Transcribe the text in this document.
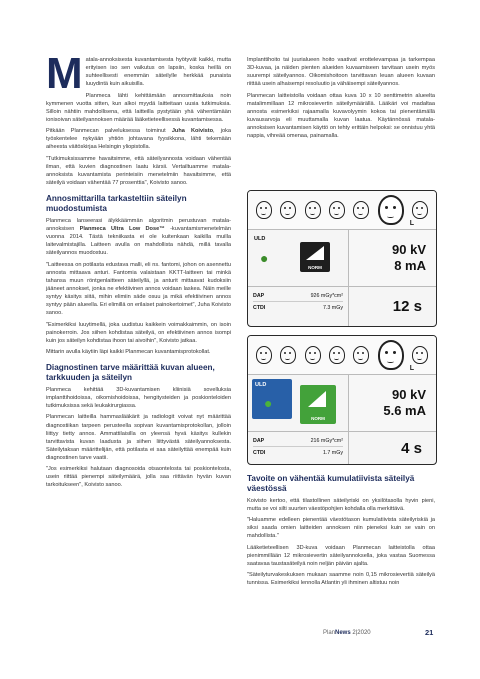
Matala-annoksisesta kuvantamisesta hyötyvät kaikki, mutta erityisen iso sen vaikutus on lapsiin, koska heillä on suhteellisesti enemmän säteilylle herkkää punaista luuydintä kuin aikuisilla.

Planmeca lähti kehittämään annosmittauksia noin kymmenen vuotta sitten, kun alkoi myydä laitteitaan uusia tutkimuksia. Silloin nähtiin mahdollisena, että laitteilla pystytään yhä vähentämään ionisoivan säteilyannoksen määrää lääketieteellisessä kuvantamisessa.

Pitkään Planmecan palveluksessa toiminut Juha Koivisto, joka työskentelee nykyään yhtiön johtavana fyysikkona, lähti tekemään aiheesta väitöskirjaa Helsingin yliopistolla.

"Tutkimuksissamme havaitsimme, että säteilyannosta voidaan vähentää ilman, että kuvien diagnostinen laatu kärsii. Vertailtuamme matala-annoksista kuvantamista perinteisiin menetelmiin havaitsimme, että säteilyä voidaan vähentää 77 prosenttia", Koivisto sanoo.

Annosmittarilla tarkasteltiin säteilyn muodostumista

Planmeca lanseerasi älykkäämmän algoritmin perustuvan matala-annoksisen Planmeca Ultra Low Dose™ -kuvantamismenetelmän vuonna 2014. Tästä tekniikasta ei ole kuitenkaan kaikilla muilla laitevalmistajilla. Laitteen avulla on mahdollista nähdä, millä tavalla säteilyannos muodostuu.

"Laitteessa on potilasta edustava malli, eli ns. fantomi, johon on asennettu annosta mittaava anturi. Fantomia valaistaan KKTT-laitteen tai minkä tahansa muun röntgenlaitteen säteilyllä, ja anturit mittaavat kudoksiin jääneet annokset, jonka ne efektiivinen annos voidaan laskea. Näin meille syntyy käsitys siitä, mihin elimiin säde osuu ja mikä efektiivinen annos syntyy pään alueella. Eri elimillä on erilaiset painokertoimet", Juha Koivisto sanoo.

"Esimerkiksi luuytimellä, joka uudistuu kaikkein voimakkaimmin, on isoin painokerroin. Jos siihen kohdistaa säteilyä, on efektiivinen annos isompi kuin jos säteilyn kohdistaa ihoon tai aivoihin", Koivisto jatkaa.

Mittarin avulla käytiin läpi kaikki Planmecan kuvantamisprotokollat.

Diagnostinen tarve määrittää kuvan alueen, tarkkuuden ja säteilyn

Planmeca kehittää 3D-kuvantamisen kliinisiä sovelluksia implanttihoidoissa, oikomishoidoissa, hengitysteiden ja poskionteloiden tutkimuksissa sekä leukakirurgiassa.

Planmecan laitteilla hammaslääkärit ja radiologit voivat nyt määrittää diagnostiikan tarpeen perusteella sopivan kuvantamisprotokollan, jolloin liittyy tietty annos. Ammattilaisilla on yleensä hyvä käsitys kullekin tarvittavista kuvan laadusta ja siihen liittyvästä säteilyannoksesta. Säteilytaksan määrittelijän, että potilasta ei saa säteilyttää enempää kuin diagnostinen tarve vaatii.

"Jos esimerkiksi halutaan diagnosoida otsaontelosta tai poskiontelosta, usein riittää pienempi säteilymäärä, jolla saa riittävän hyvän kuvan tarkoitukseen", Koivisto sanoo.

Implanttihoito tai juurialueen hoito vaativat erottelevampaa ja tarkempaa 3D-kuvaa, ja näiden pienten alueiden kuvaamiseen tarvitaan usein myös suurempi säteilyannos. Oikomishoitoon tarvittavan leuan alueen kuvaan riittää usein alhaisempi resoluutio ja vähäisempi säteilyannos.

Planmecan laitteistolla voidaan ottaa kuva 10 x 10 senttimetrin alueelta matalimmillaan 12 mikrosievertin säteilymäärällä. Lääkäri voi madaltaa annosta esimerkiksi rajaamalla kuvavolyymin kokoa tai pienentämällä kuvausarvoja eli muuttamalla kuvan laatua. Käytännössä matala-annoksisen kuvantamisen käyttö on tehty erittäin helpoksi: se onnistuu yhtä nappia, vihreää omenaa, painamalla.

L
ULD
●
NORM
90 kV
8 mA
DAP	926 mGy*cm²
CTDI	7.3 mGy	12 s
L
ULD
●
NORM
90 kV
5.6 mA
DAP	216 mGy*cm²
CTDI	1.7 mGy	4 s
Tavoite on vähentää kumulatiivista säteilyä väestössä

Koivisto kertoo, että tilastollinen säteilyriski on yksilötasolla hyvin pieni, mutta se voi silti suurten väestöpohjien kohdalla olla merkittävä.

"Haluamme edelleen pienentää väestötason kumulatiivista säteilyriskiä ja siksi saada omien laitteiden annoksen niin pieneksi kuin se vain on mahdollista."

Lääketieteellisen 3D-kuva voidaan Planmecan laitteistolla ottaa pienimmillään 12 mikrosievertin säteilyannoksella, joka vastaa Suomessa saatavaa taustasäteilyä noin neljän päivän ajalta.

"Säteilyturvakeskuksen mukaan saamme noin 0,15 mikrosievertiä säteilyä tunnissa. Esimerkiksi lennolla Atlantin yli ihminen altistuu noin

PlanNews 2|2020	21
